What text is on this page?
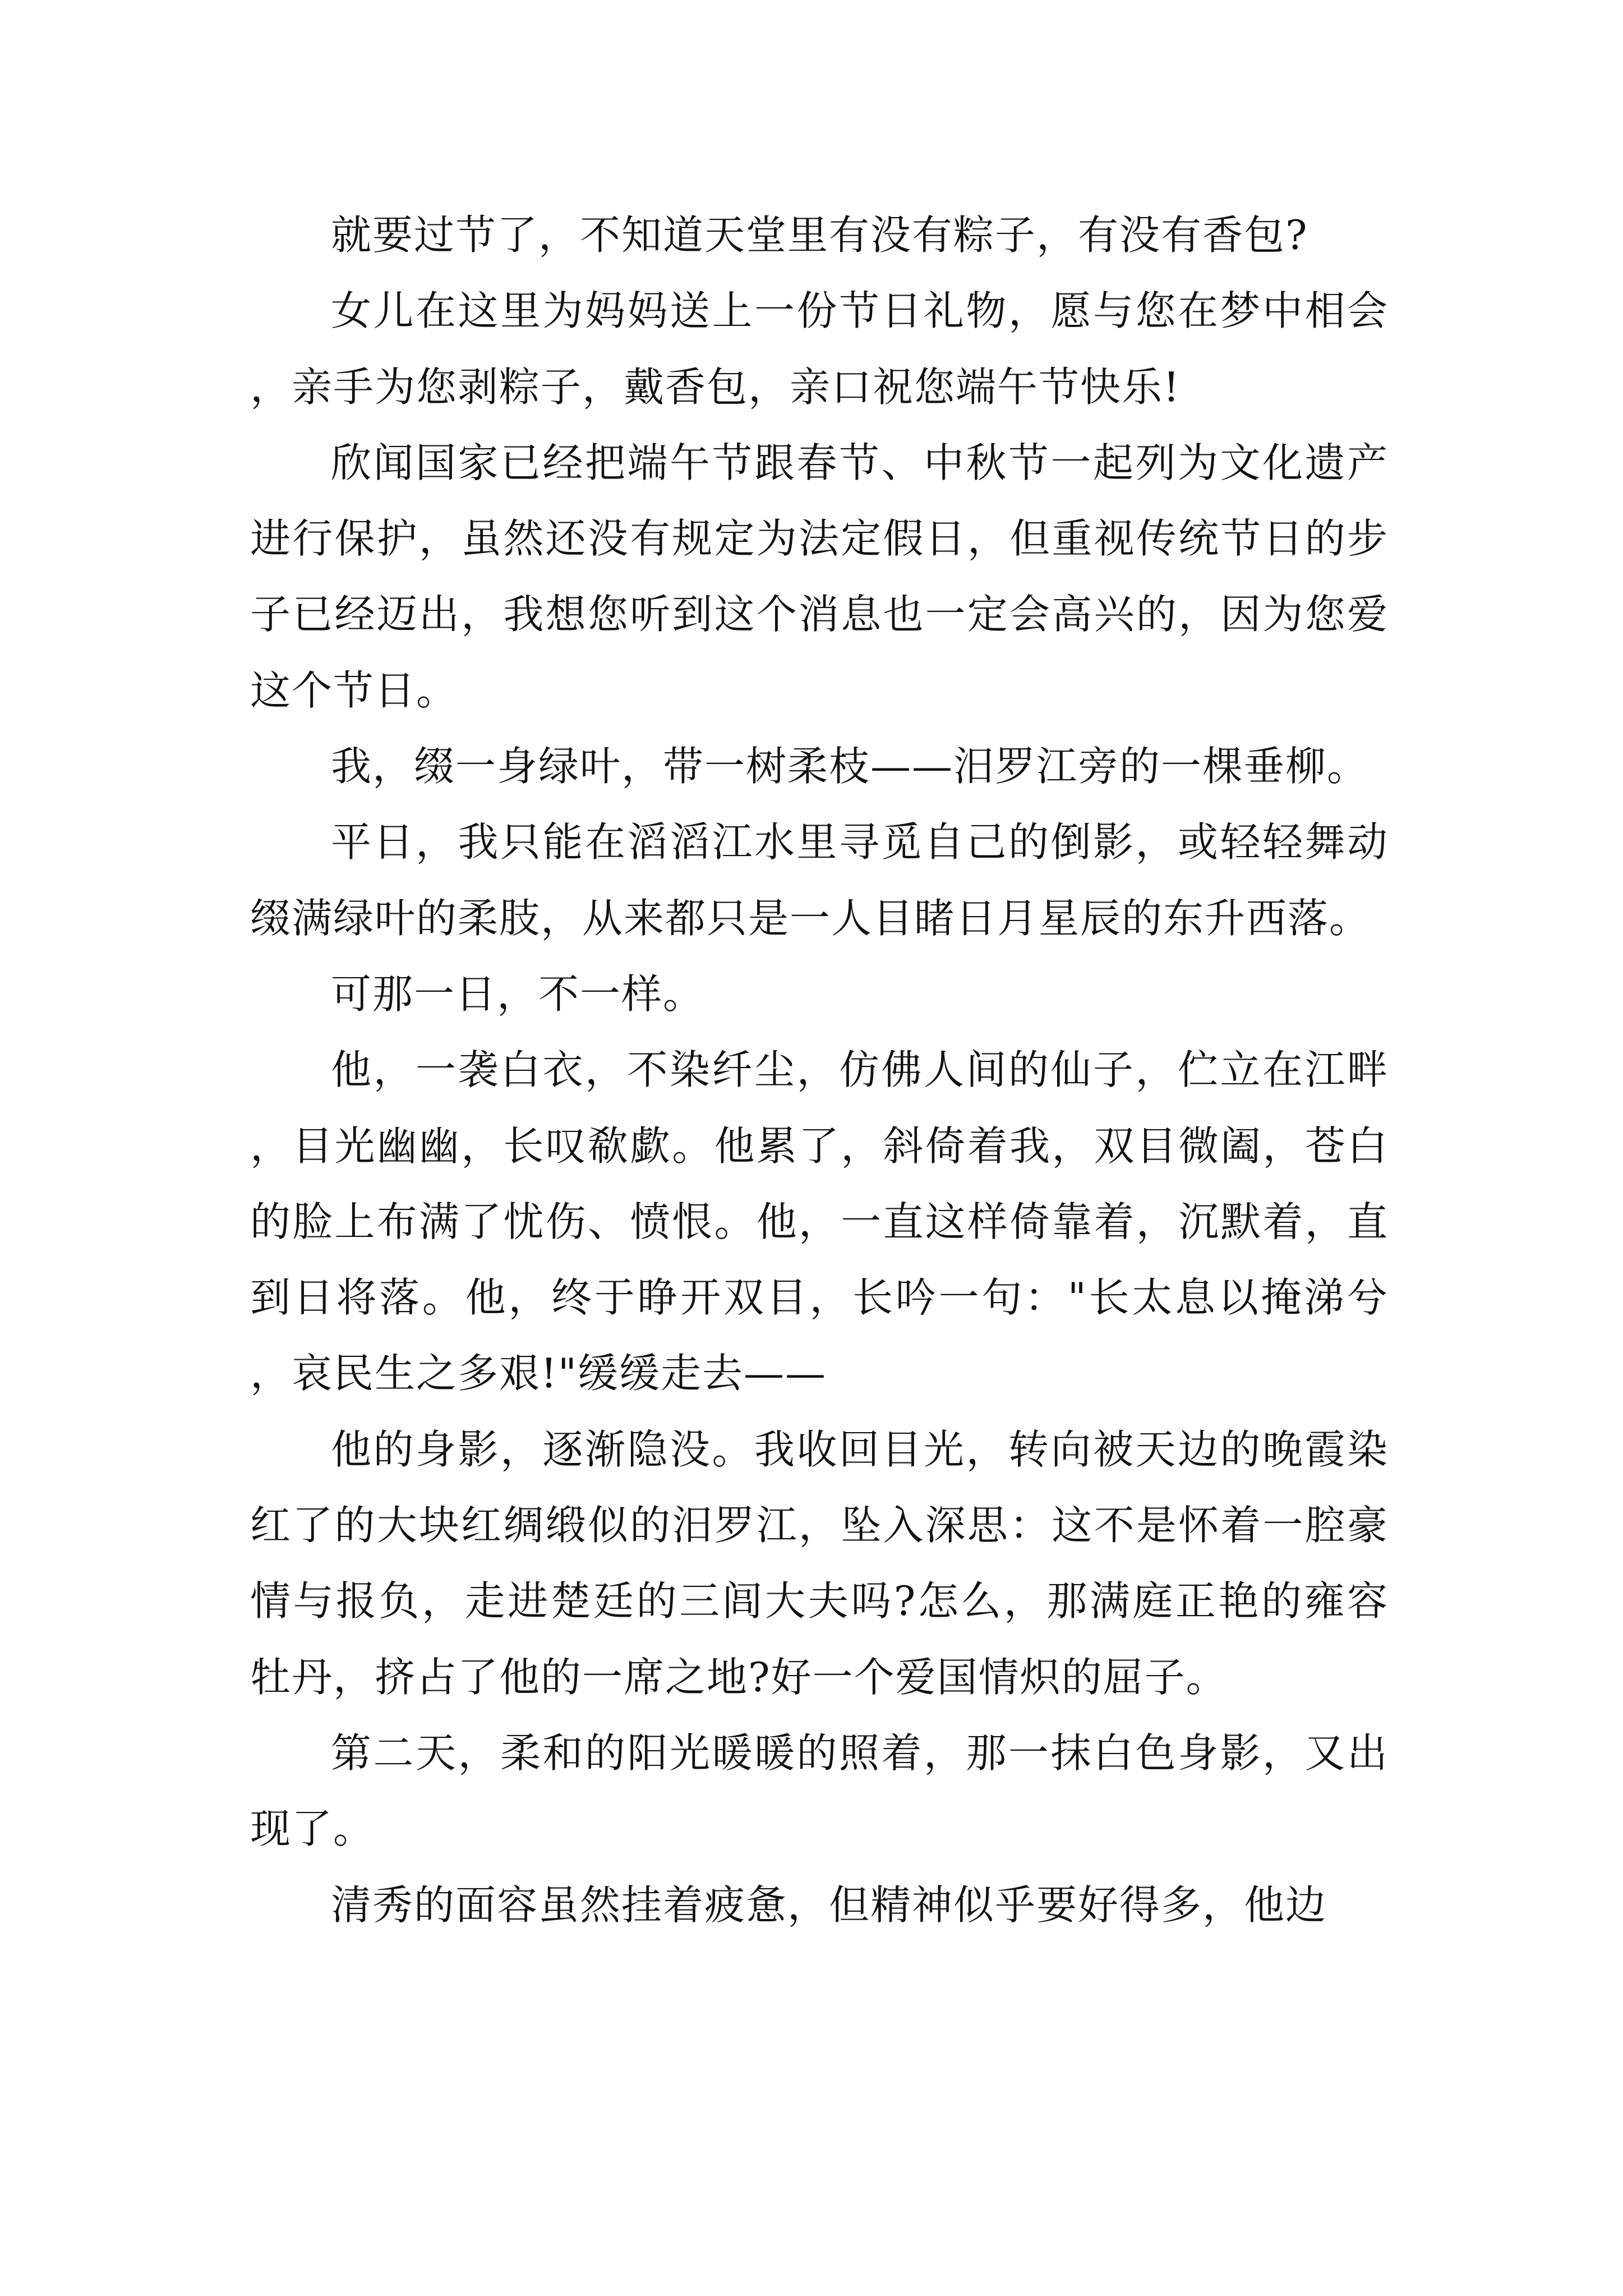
就要过节了，不知道天堂里有没有粽子，有没有香包?

女儿在这里为妈妈送上一份节日礼物，愿与您在梦中相会，亲手为您剥粽子，戴香包，亲口祝您端午节快乐!

欣闻国家已经把端午节跟春节、中秋节一起列为文化遗产进行保护，虽然还没有规定为法定假日，但重视传统节日的步子已经迈出，我想您听到这个消息也一定会高兴的，因为您爱这个节日。

我，缀一身绿叶，带一树柔枝——汨罗江旁的一棵垂柳。

平日，我只能在滔滔江水里寻觅自己的倒影，或轻轻舞动缀满绿叶的柔肢，从来都只是一人目睹日月星辰的东升西落。

可那一日，不一样。

他，一袭白衣，不染纤尘，仿佛人间的仙子，伫立在江畔，目光幽幽，长叹欷歔。他累了，斜倚着我，双目微阖，苍白的脸上布满了忧伤、愤恨。他，一直这样倚靠着，沉默着，直到日将落。他，终于睁开双目，长吟一句："长太息以掩涕兮，哀民生之多艰!"缓缓走去——

他的身影，逐渐隐没。我收回目光，转向被天边的晚霞染红了的大块红绸缎似的汨罗江，坠入深思：这不是怀着一腔豪情与报负，走进楚廷的三闾大夫吗?怎么，那满庭正艳的雍容牡丹，挤占了他的一席之地?好一个爱国情炽的屈子。

第二天，柔和的阳光暖暖的照着，那一抹白色身影，又出现了。

清秀的面容虽然挂着疲惫，但精神似乎要好得多，他边
